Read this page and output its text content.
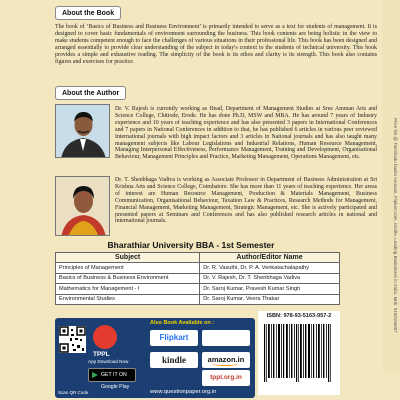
Price list @ Tamilnadu books Amazon, Flipkart.com, Kindle, Leading Bookstores in India, Mob: 9150196007
About the Book
The book of ‘Basics of Business and Business Environment’ is primarily intended to serve as a text for students of management. It is designed to cover basic fundamentals of environment surrounding the business. This book contents are being holistic in the view to make students competent enough to face the challenges of various situations in their professional life. This book has been designed and arranged essentially to provide clear understanding of the subject in today's context to the students of technical university. This book provides a simple and exhaustive reading. The simplicity of the book is its ethos and clarity is its strength. This book also contains figures and exercises for practice.
About the Author
Dr. V. Rajesh is currently working as Head, Department of Management Studies at Sree Amman Arts and Science College, Chittode, Erode. He has done Ph.D, MSW and MBA. He has around 7 years of Industry experience and 10 years of teaching experience and has also presented 3 papers in International Conferences and 7 papers in National Conferences in addition to that, he has published 6 articles in various peer reviewed International journals with high impact factors and 3 articles in National journals and has also taught many management subjects like Labour Legislations and Industrial Relations, Human Resource Management, Managing Interpersonal Effectiveness, Performance Management, Training and Development, Organisational Behaviour, Management Principles and Practice, Marketing Management, Operations Management, etc.
Dr. T. Shenbhaga Vadiva is working as Associate Professor in Department of Business Administration at Sri Krishna Arts and Science College, Coimbatore. She has more than 11 years of teaching experience. Her areas of interest are Human Resource Management, Production & Materials Management, Business Communication, Organisational Behaviour, Taxation Law & Practices, Research Methods for Management, Financial Management, Marketing Management, Strategic Management, etc. She is actively participated and presented papers at Seminars and Conferences and has also published research articles in national and international journals.
Bharathiar University BBA - 1st Semester
Subject	Author/Editor Name
Principles of Management	Dr. R. Vasuthi, Dr. P. A. Venkatachalapathy
Basics of Business & Business Environment	Dr. V. Rajesh, Dr. T. Shenbhaga Vadiva
Mathematics for Management - I	Dr. Saroj Kumar, Pravesh Kumar Singh
Environmental Studies	Dr. Saroj Kumar, Veera Thakar
Scan QR Code
TPPL
App Download Now
GET IT ON Google Play
Also Book Available on :
Flipkart
kindle	amazon.in
tppl.org.in
www.questionpaper.org.in
ISBN: 978-93-5163-957-2
